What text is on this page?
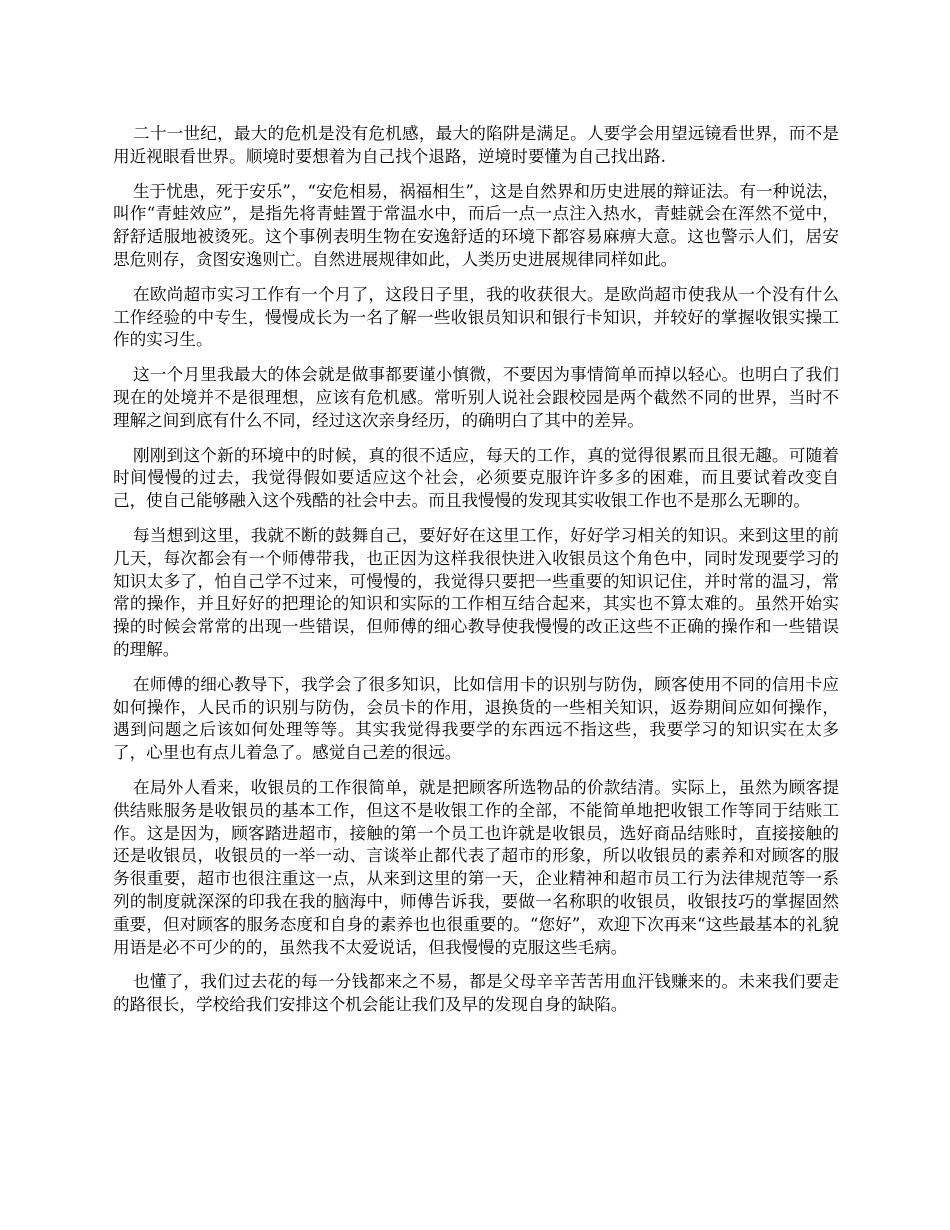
二十一世纪，最大的危机是没有危机感，最大的陷阱是满足。人要学会用望远镜看世界，而不是用近视眼看世界。顺境时要想着为自己找个退路，逆境时要懂为自己找出路.

生于忧患，死于安乐”，“安危相易，祸福相生”，这是自然界和历史进展的辩证法。有一种说法，叫作“青蛙效应”，是指先将青蛙置于常温水中，而后一点一点注入热水，青蛙就会在浑然不觉中，舒舒适服地被烫死。这个事例表明生物在安逸舒适的环境下都容易麻痹大意。这也警示人们，居安思危则存，贪图安逸则亡。自然进展规律如此，人类历史进展规律同样如此。

在欧尚超市实习工作有一个月了，这段日子里，我的收获很大。是欧尚超市使我从一个没有什么工作经验的中专生，慢慢成长为一名了解一些收银员知识和银行卡知识，并较好的掌握收银实操工作的实习生。

这一个月里我最大的体会就是做事都要谨小慎微，不要因为事情简单而掉以轻心。也明白了我们现在的处境并不是很理想，应该有危机感。常听别人说社会跟校园是两个截然不同的世界，当时不理解之间到底有什么不同，经过这次亲身经历，的确明白了其中的差异。

刚刚到这个新的环境中的时候，真的很不适应，每天的工作，真的觉得很累而且很无趣。可随着时间慢慢的过去，我觉得假如要适应这个社会，必须要克服许许多多的困难，而且要试着改变自己，使自己能够融入这个残酷的社会中去。而且我慢慢的发现其实收银工作也不是那么无聊的。

每当想到这里，我就不断的鼓舞自己，要好好在这里工作，好好学习相关的知识。来到这里的前几天，每次都会有一个师傅带我，也正因为这样我很快进入收银员这个角色中，同时发现要学习的知识太多了，怕自己学不过来，可慢慢的，我觉得只要把一些重要的知识记住，并时常的温习，常常的操作，并且好好的把理论的知识和实际的工作相互结合起来，其实也不算太难的。虽然开始实操的时候会常常的出现一些错误，但师傅的细心教导使我慢慢的改正这些不正确的操作和一些错误的理解。

在师傅的细心教导下，我学会了很多知识，比如信用卡的识别与防伪，顾客使用不同的信用卡应如何操作，人民币的识别与防伪，会员卡的作用，退换货的一些相关知识，返券期间应如何操作，遇到问题之后该如何处理等等。其实我觉得我要学的东西远不指这些，我要学习的知识实在太多了，心里也有点儿着急了。感觉自己差的很远。

在局外人看来，收银员的工作很简单，就是把顾客所选物品的价款结清。实际上，虽然为顾客提供结账服务是收银员的基本工作，但这不是收银工作的全部，不能简单地把收银工作等同于结账工作。这是因为，顾客踏进超市，接触的第一个员工也许就是收银员，选好商品结账时，直接接触的还是收银员，收银员的一举一动、言谈举止都代表了超市的形象，所以收银员的素养和对顾客的服务很重要，超市也很注重这一点，从来到这里的第一天，企业精神和超市员工行为法律规范等一系列的制度就深深的印我在我的脑海中，师傅告诉我，要做一名称职的收银员，收银技巧的掌握固然重要，但对顾客的服务态度和自身的素养也也很重要的。“您好”，欢迎下次再来“这些最基本的礼貌用语是必不可少的的，虽然我不太爱说话，但我慢慢的克服这些毛病。

也懂了，我们过去花的每一分钱都来之不易，都是父母辛辛苦苦用血汗钱赚来的。未来我们要走的路很长，学校给我们安排这个机会能让我们及早的发现自身的缺陷。
